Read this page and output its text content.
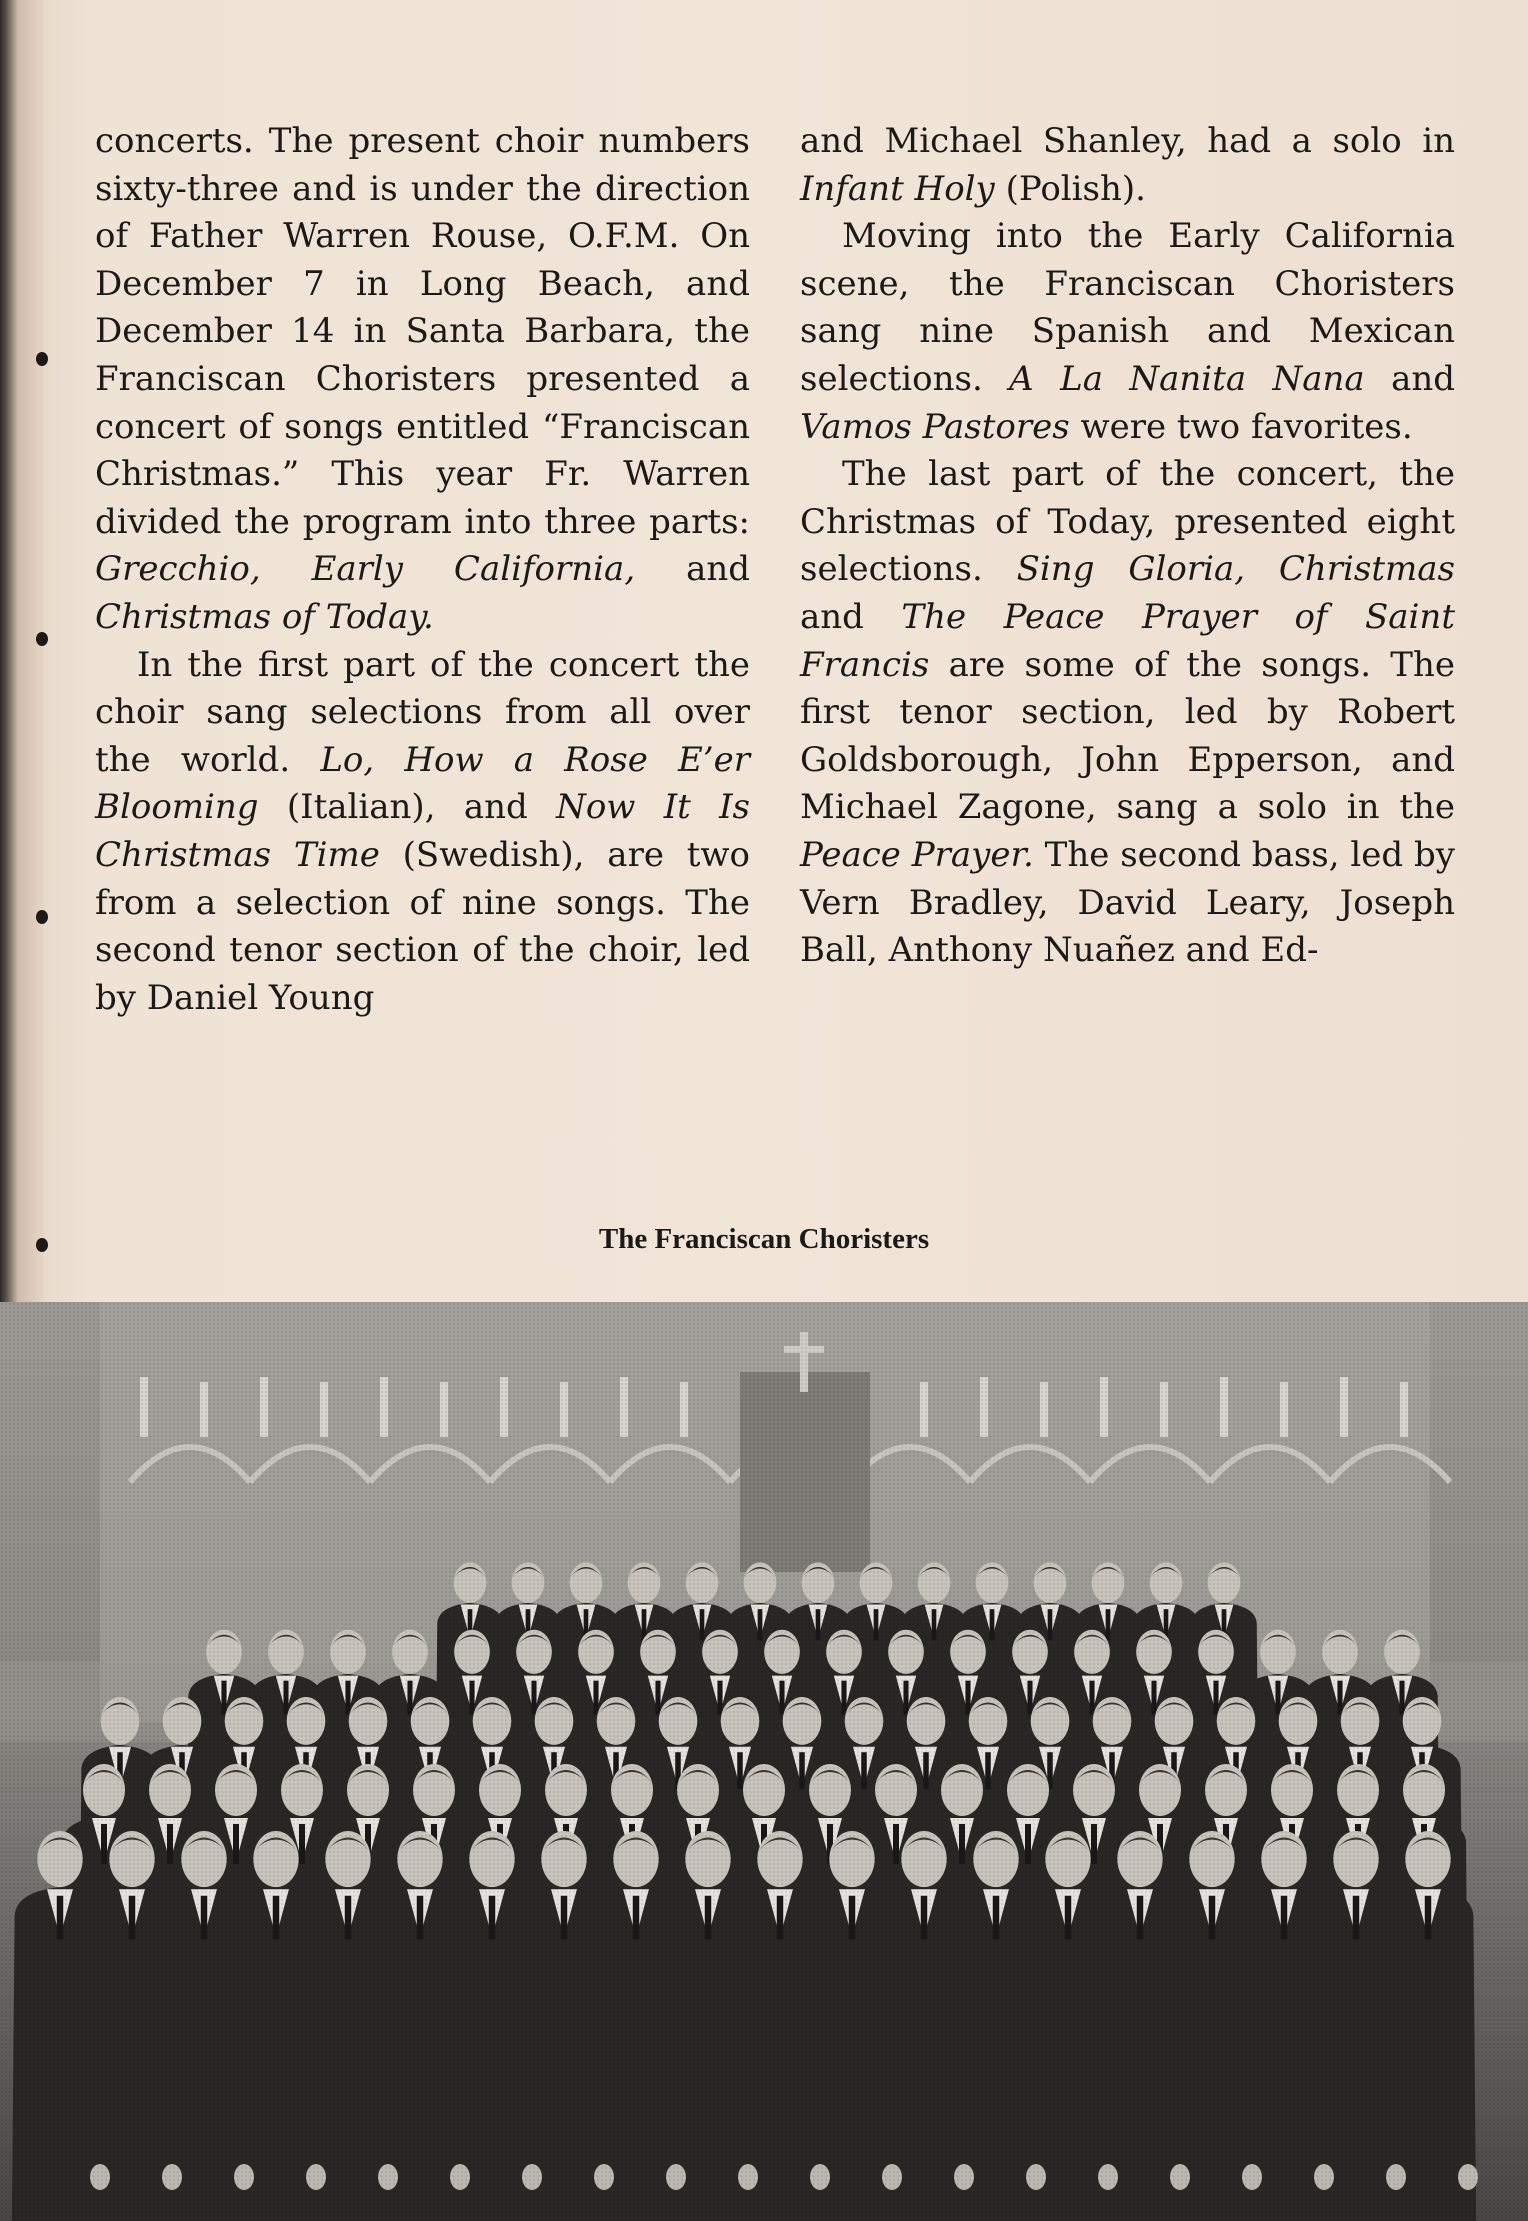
concerts. The present choir numbers sixty-three and is under the direction of Father Warren Rouse, O.F.M. On December 7 in Long Beach, and December 14 in Santa Barbara, the Franciscan Choristers presented a concert of songs entitled “Franciscan Christmas.” This year Fr. Warren divided the program into three parts: Grecchio, Early California, and Christmas of Today.

In the first part of the concert the choir sang selections from all over the world. Lo, How a Rose E’er Blooming (Italian), and Now It Is Christmas Time (Swedish), are two from a selection of nine songs. The second tenor section of the choir, led by Daniel Young

and Michael Shanley, had a solo in Infant Holy (Polish).

Moving into the Early California scene, the Franciscan Choristers sang nine Spanish and Mexican selections. A La Nanita Nana and Vamos Pastores were two favorites.

The last part of the concert, the Christmas of Today, presented eight selections. Sing Gloria, Christmas and The Peace Prayer of Saint Francis are some of the songs. The first tenor section, led by Robert Goldsborough, John Epperson, and Michael Zagone, sang a solo in the Peace Prayer. The second bass, led by Vern Bradley, David Leary, Joseph Ball, Anthony Nuañez and Ed-

The Franciscan Choristers
